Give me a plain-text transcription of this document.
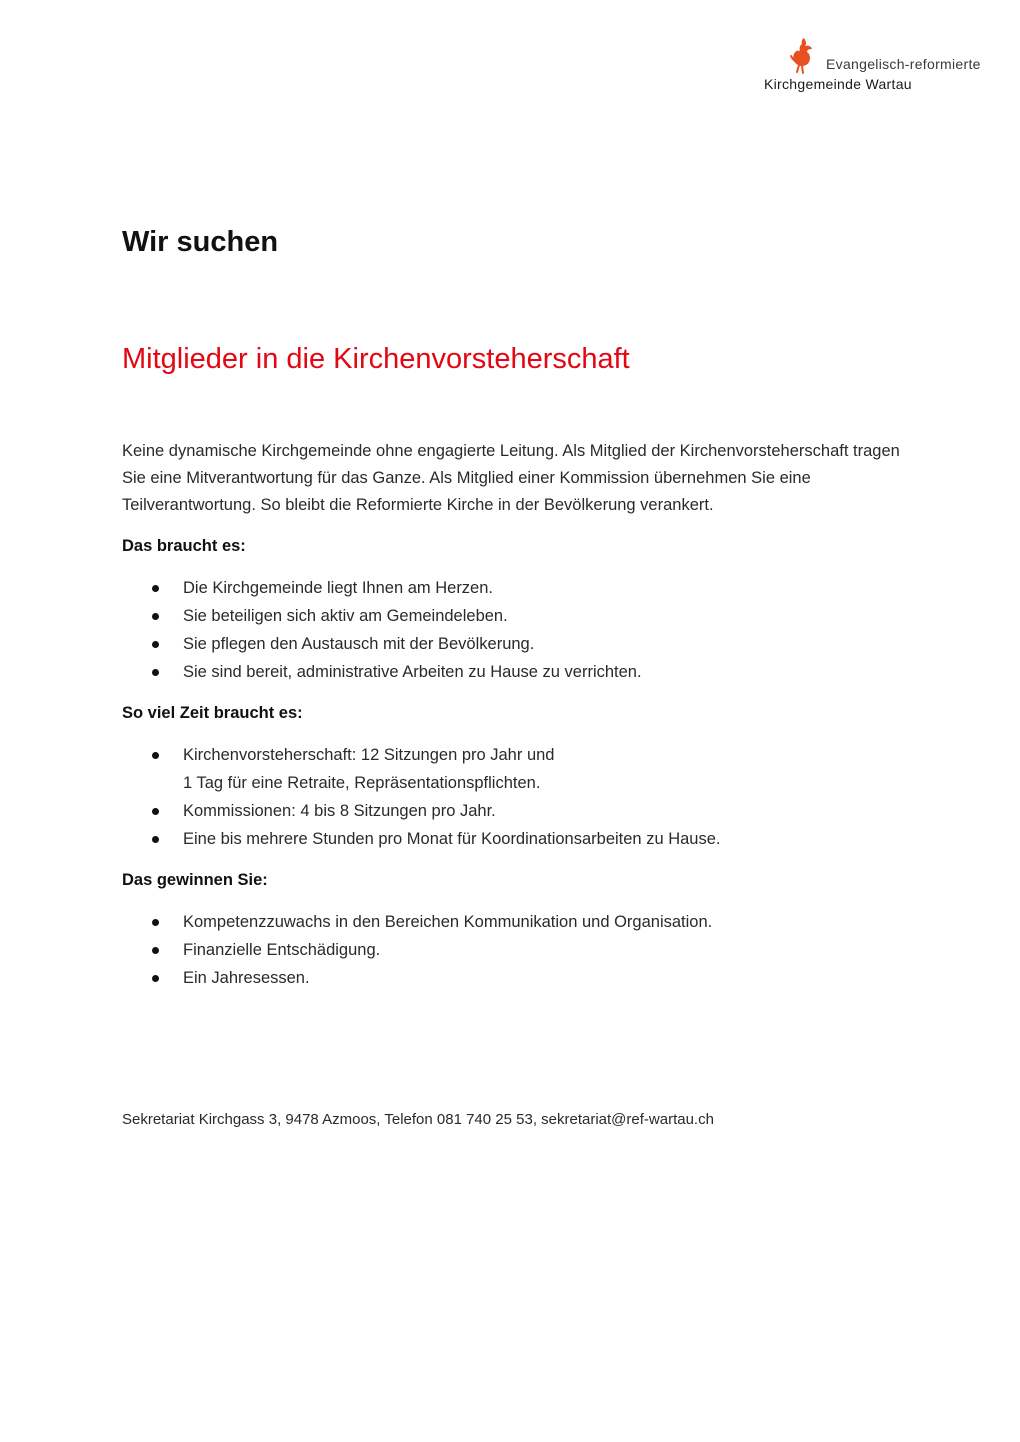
Evangelisch-reformierte
Kirchgemeinde Wartau
Wir suchen
Mitglieder in die Kirchenvorsteherschaft

Keine dynamische Kirchgemeinde ohne engagierte Leitung. Als Mitglied der Kirchenvorsteherschaft tragen Sie eine Mitverantwortung für das Ganze. Als Mitglied einer Kommission übernehmen Sie eine Teilverantwortung. So bleibt die Reformierte Kirche in der Bevölkerung verankert.

Das braucht es:
Die Kirchgemeinde liegt Ihnen am Herzen.
Sie beteiligen sich aktiv am Gemeindeleben.
Sie pflegen den Austausch mit der Bevölkerung.
Sie sind bereit, administrative Arbeiten zu Hause zu verrichten.
So viel Zeit braucht es:
Kirchenvorsteherschaft: 12 Sitzungen pro Jahr und
1 Tag für eine Retraite, Repräsentationspflichten.
Kommissionen: 4 bis 8 Sitzungen pro Jahr.
Eine bis mehrere Stunden pro Monat für Koordinationsarbeiten zu Hause.
Das gewinnen Sie:
Kompetenzzuwachs in den Bereichen Kommunikation und Organisation.
Finanzielle Entschädigung.
Ein Jahresessen.
Sekretariat Kirchgass 3, 9478 Azmoos, Telefon 081 740 25 53, sekretariat@ref-wartau.ch
